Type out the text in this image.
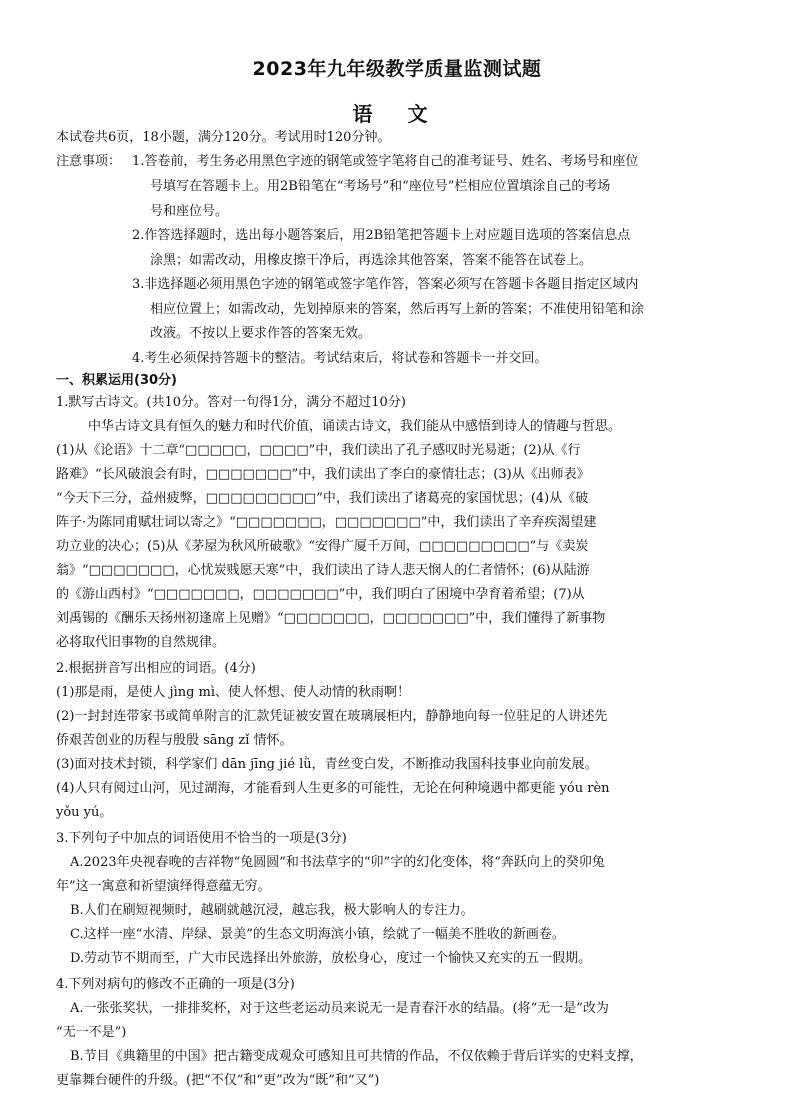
2023年九年级教学质量监测试题
语 文
本试卷共6页，18小题，满分120分。考试用时120分钟。
注意事项： 1.答卷前，考生务必用黑色字迹的钢笔或签字笔将自己的准考证号、姓名、考场号和座位
号填写在答题卡上。用2B铅笔在“考场号”和“座位号”栏相应位置填涂自己的考场
号和座位号。
2.作答选择题时，选出每小题答案后，用2B铅笔把答题卡上对应题目选项的答案信息点
涂黑；如需改动，用橡皮擦干净后，再选涂其他答案，答案不能答在试卷上。
3.非选择题必须用黑色字迹的钢笔或签字笔作答，答案必须写在答题卡各题目指定区域内
相应位置上；如需改动，先划掉原来的答案，然后再写上新的答案；不准使用铅笔和涂
改液。不按以上要求作答的答案无效。
4.考生必须保持答题卡的整洁。考试结束后，将试卷和答题卡一并交回。
一、积累运用(30分)
1.默写古诗文。(共10分。答对一句得1分，满分不超过10分)
中华古诗文具有恒久的魅力和时代价值，诵读古诗文，我们能从中感悟到诗人的情趣与哲思。
(1)从《论语》十二章“□□□□□，□□□□”中，我们读出了孔子感叹时光易逝；(2)从《行
路难》“长风破浪会有时，□□□□□□□”中，我们读出了李白的豪情壮志；(3)从《出师表》
“今天下三分，益州疲弊，□□□□□□□□□”中，我们读出了诸葛亮的家国忧思；(4)从《破
阵子·为陈同甫赋壮词以寄之》“□□□□□□□，□□□□□□□”中，我们读出了辛弃疾渴望建
功立业的决心；(5)从《茅屋为秋风所破歌》“安得广厦千万间，□□□□□□□□□”与《卖炭
翁》“□□□□□□□，心忧炭贱愿天寒”中，我们读出了诗人悲天悯人的仁者情怀；(6)从陆游
的《游山西村》“□□□□□□□，□□□□□□□”中，我们明白了困境中孕育着希望；(7)从
刘禹锡的《酬乐天扬州初逢席上见赠》“□□□□□□□，□□□□□□□”中，我们懂得了新事物
必将取代旧事物的自然规律。
2.根据拼音写出相应的词语。(4分)
(1)那是雨，是使人 jìng mì、使人怀想、使人动情的秋雨啊！
(2)一封封连带家书或简单附言的汇款凭证被安置在玻璃展柜内，静静地向每一位驻足的人讲述先
侨艰苦创业的历程与殷殷 sāng zǐ 情怀。
(3)面对技术封锁，科学家们 dān jīng jié lǜ，青丝变白发，不断推动我国科技事业向前发展。
(4)人只有阅过山河，见过湖海，才能看到人生更多的可能性，无论在何种境遇中都更能 yóu rèn
yǒu yú。
3.下列句子中加点的词语使用不恰当的一项是(3分)
A.2023年央视春晚的吉祥物“兔圆圆”和书法草字的“卯”字的幻化变体，将“奔跃向上的癸卯兔
年”这一寓意和祈望演绎得意蕴无穷。
B.人们在刷短视频时，越刷就越沉浸，越忘我，极大影响人的专注力。
C.这样一座“水清、岸绿、景美”的生态文明海滨小镇，绘就了一幅美不胜收的新画卷。
D.劳动节不期而至，广大市民选择出外旅游，放松身心，度过一个愉快又充实的五一假期。
4.下列对病句的修改不正确的一项是(3分)
A.一张张奖状，一排排奖杯，对于这些老运动员来说无一是青春汗水的结晶。(将“无一是”改为
“无一不是”)
B.节目《典籍里的中国》把古籍变成观众可感知且可共情的作品，不仅依赖于背后详实的史料支撑，
更靠舞台硬件的升级。(把“不仅”和“更”改为“既”和“又”)
